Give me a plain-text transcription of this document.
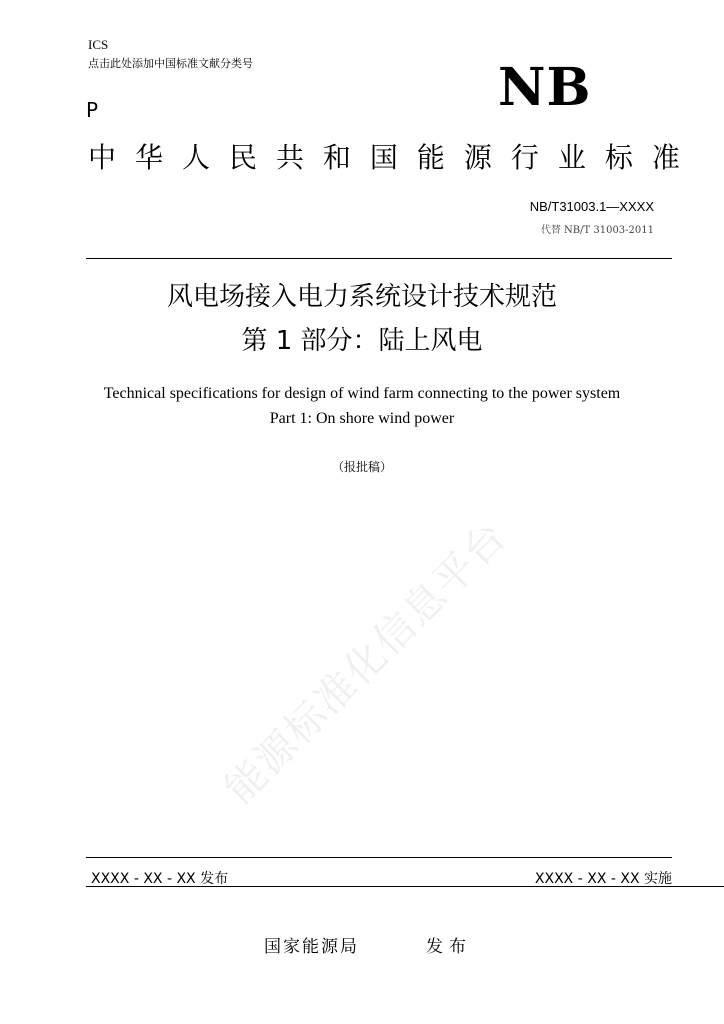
ICS
点击此处添加中国标准文献分类号
P	NB
中 华 人 民 共 和 国 能 源 行 业 标 准
NB/T31003.1—XXXX
代替 NB/T 31003-2011
风电场接入电力系统设计技术规范
第 1 部分：陆上风电
Technical specifications for design of wind farm connecting to the power system
Part 1: On shore wind power
（报批稿）
能源标准化信息平台
XXXX - XX - XX 发布	XXXX - XX - XX 实施
国家能源局	发布
